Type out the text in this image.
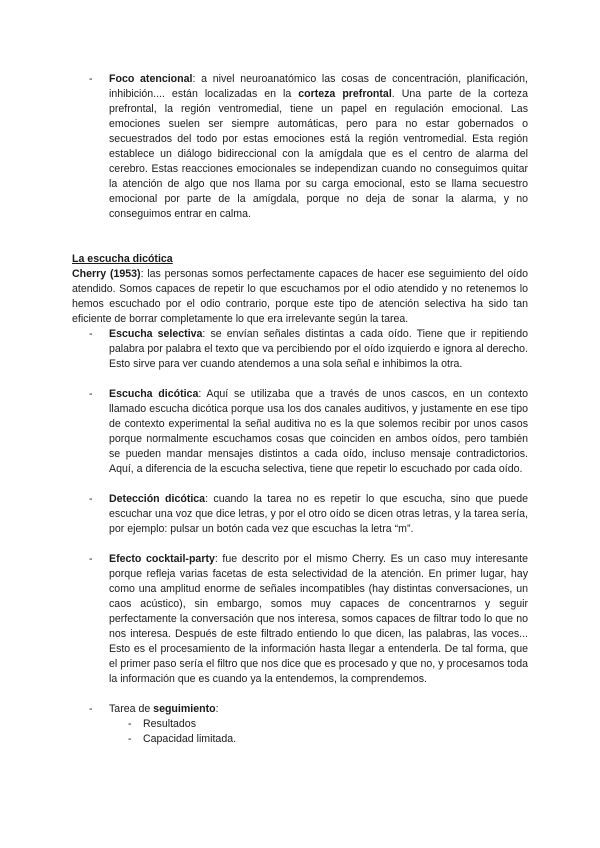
- Foco atencional: a nivel neuroanatómico las cosas de concentración, planificación, inhibición.... están localizadas en la corteza prefrontal. Una parte de la corteza prefrontal, la región ventromedial, tiene un papel en regulación emocional. Las emociones suelen ser siempre automáticas, pero para no estar gobernados o secuestrados del todo por estas emociones está la región ventromedial. Esta región establece un diálogo bidireccional con la amígdala que es el centro de alarma del cerebro. Estas reacciones emocionales se independizan cuando no conseguimos quitar la atención de algo que nos llama por su carga emocional, esto se llama secuestro emocional por parte de la amígdala, porque no deja de sonar la alarma, y no conseguimos entrar en calma.

La escucha dicótica

Cherry (1953): las personas somos perfectamente capaces de hacer ese seguimiento del oído atendido. Somos capaces de repetir lo que escuchamos por el odio atendido y no retenemos lo hemos escuchado por el odio contrario, porque este tipo de atención selectiva ha sido tan eficiente de borrar completamente lo que era irrelevante según la tarea.

- Escucha selectiva: se envían señales distintas a cada oído. Tiene que ir repitiendo palabra por palabra el texto que va percibiendo por el oído izquierdo e ignora al derecho. Esto sirve para ver cuando atendemos a una sola señal e inhibimos la otra.
- Escucha dicótica: Aquí se utilizaba que a través de unos cascos, en un contexto llamado escucha dicótica porque usa los dos canales auditivos, y justamente en ese tipo de contexto experimental la señal auditiva no es la que solemos recibir por unos casos porque normalmente escuchamos cosas que coinciden en ambos oídos, pero también se pueden mandar mensajes distintos a cada oído, incluso mensaje contradictorios. Aquí, a diferencia de la escucha selectiva, tiene que repetir lo escuchado por cada oído.
- Detección dicótica: cuando la tarea no es repetir lo que escucha, sino que puede escuchar una voz que dice letras, y por el otro oído se dicen otras letras, y la tarea sería, por ejemplo: pulsar un botón cada vez que escuchas la letra “m”.
- Efecto cocktail-party: fue descrito por el mismo Cherry. Es un caso muy interesante porque refleja varias facetas de esta selectividad de la atención. En primer lugar, hay como una amplitud enorme de señales incompatibles (hay distintas conversaciones, un caos acústico), sin embargo, somos muy capaces de concentrarnos y seguir perfectamente la conversación que nos interesa, somos capaces de filtrar todo lo que no nos interesa. Después de este filtrado entiendo lo que dicen, las palabras, las voces... Esto es el procesamiento de la información hasta llegar a entenderla. De tal forma, que el primer paso sería el filtro que nos dice que es procesado y que no, y procesamos toda la información que es cuando ya la entendemos, la comprendemos.
- Tarea de seguimiento:
- Resultados
- Capacidad limitada.
